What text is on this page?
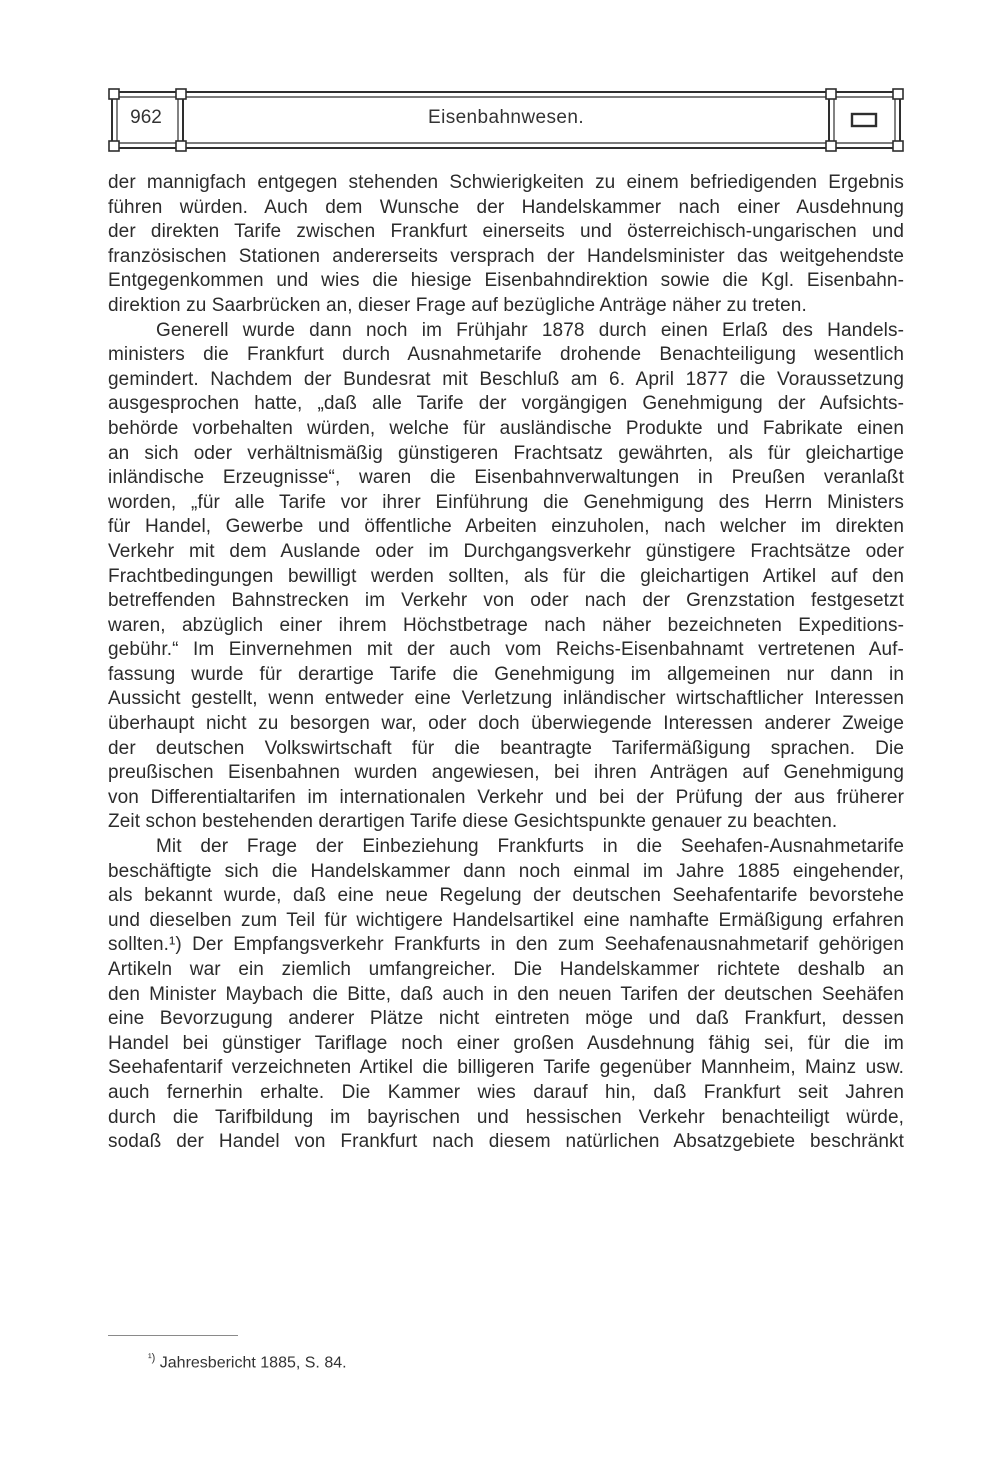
962	Eisenbahnwesen.
der mannigfach entgegen stehenden Schwierigkeiten zu einem befriedigenden Ergebnis
führen würden. Auch dem Wunsche der Handelskammer nach einer Ausdehnung
der direkten Tarife zwischen Frankfurt einerseits und österreichisch-ungarischen und
französischen Stationen andererseits versprach der Handelsminister das weitgehendste
Entgegenkommen und wies die hiesige Eisenbahndirektion sowie die Kgl. Eisenbahn-
direktion zu Saarbrücken an, dieser Frage auf bezügliche Anträge näher zu treten.
Generell wurde dann noch im Frühjahr 1878 durch einen Erlaß des Handels-
ministers die Frankfurt durch Ausnahmetarife drohende Benachteiligung wesentlich
gemindert. Nachdem der Bundesrat mit Beschluß am 6. April 1877 die Voraussetzung
ausgesprochen hatte, „daß alle Tarife der vorgängigen Genehmigung der Aufsichts-
behörde vorbehalten würden, welche für ausländische Produkte und Fabrikate einen
an sich oder verhältnismäßig günstigeren Frachtsatz gewährten, als für gleichartige
inländische Erzeugnisse“, waren die Eisenbahnverwaltungen in Preußen veranlaßt
worden, „für alle Tarife vor ihrer Einführung die Genehmigung des Herrn Ministers
für Handel, Gewerbe und öffentliche Arbeiten einzuholen, nach welcher im direkten
Verkehr mit dem Auslande oder im Durchgangsverkehr günstigere Frachtsätze oder
Frachtbedingungen bewilligt werden sollten, als für die gleichartigen Artikel auf den
betreffenden Bahnstrecken im Verkehr von oder nach der Grenzstation festgesetzt
waren, abzüglich einer ihrem Höchstbetrage nach näher bezeichneten Expeditions-
gebühr.“ Im Einvernehmen mit der auch vom Reichs-Eisenbahnamt vertretenen Auf-
fassung wurde für derartige Tarife die Genehmigung im allgemeinen nur dann in
Aussicht gestellt, wenn entweder eine Verletzung inländischer wirtschaftlicher Interessen
überhaupt nicht zu besorgen war, oder doch überwiegende Interessen anderer Zweige
der deutschen Volkswirtschaft für die beantragte Tarifermäßigung sprachen. Die
preußischen Eisenbahnen wurden angewiesen, bei ihren Anträgen auf Genehmigung
von Differentialtarifen im internationalen Verkehr und bei der Prüfung der aus früherer
Zeit schon bestehenden derartigen Tarife diese Gesichtspunkte genauer zu beachten.
Mit der Frage der Einbeziehung Frankfurts in die Seehafen-Ausnahmetarife
beschäftigte sich die Handelskammer dann noch einmal im Jahre 1885 eingehender,
als bekannt wurde, daß eine neue Regelung der deutschen Seehafentarife bevorstehe
und dieselben zum Teil für wichtigere Handelsartikel eine namhafte Ermäßigung erfahren
sollten.¹) Der Empfangsverkehr Frankfurts in den zum Seehafenausnahmetarif gehörigen
Artikeln war ein ziemlich umfangreicher. Die Handelskammer richtete deshalb an
den Minister Maybach die Bitte, daß auch in den neuen Tarifen der deutschen Seehäfen
eine Bevorzugung anderer Plätze nicht eintreten möge und daß Frankfurt, dessen
Handel bei günstiger Tariflage noch einer großen Ausdehnung fähig sei, für die im
Seehafentarif verzeichneten Artikel die billigeren Tarife gegenüber Mannheim, Mainz usw.
auch fernerhin erhalte. Die Kammer wies darauf hin, daß Frankfurt seit Jahren
durch die Tarifbildung im bayrischen und hessischen Verkehr benachteiligt würde,
sodaß der Handel von Frankfurt nach diesem natürlichen Absatzgebiete beschränkt
$^{^1)}$ Jahresbericht 1885, S. 84.
